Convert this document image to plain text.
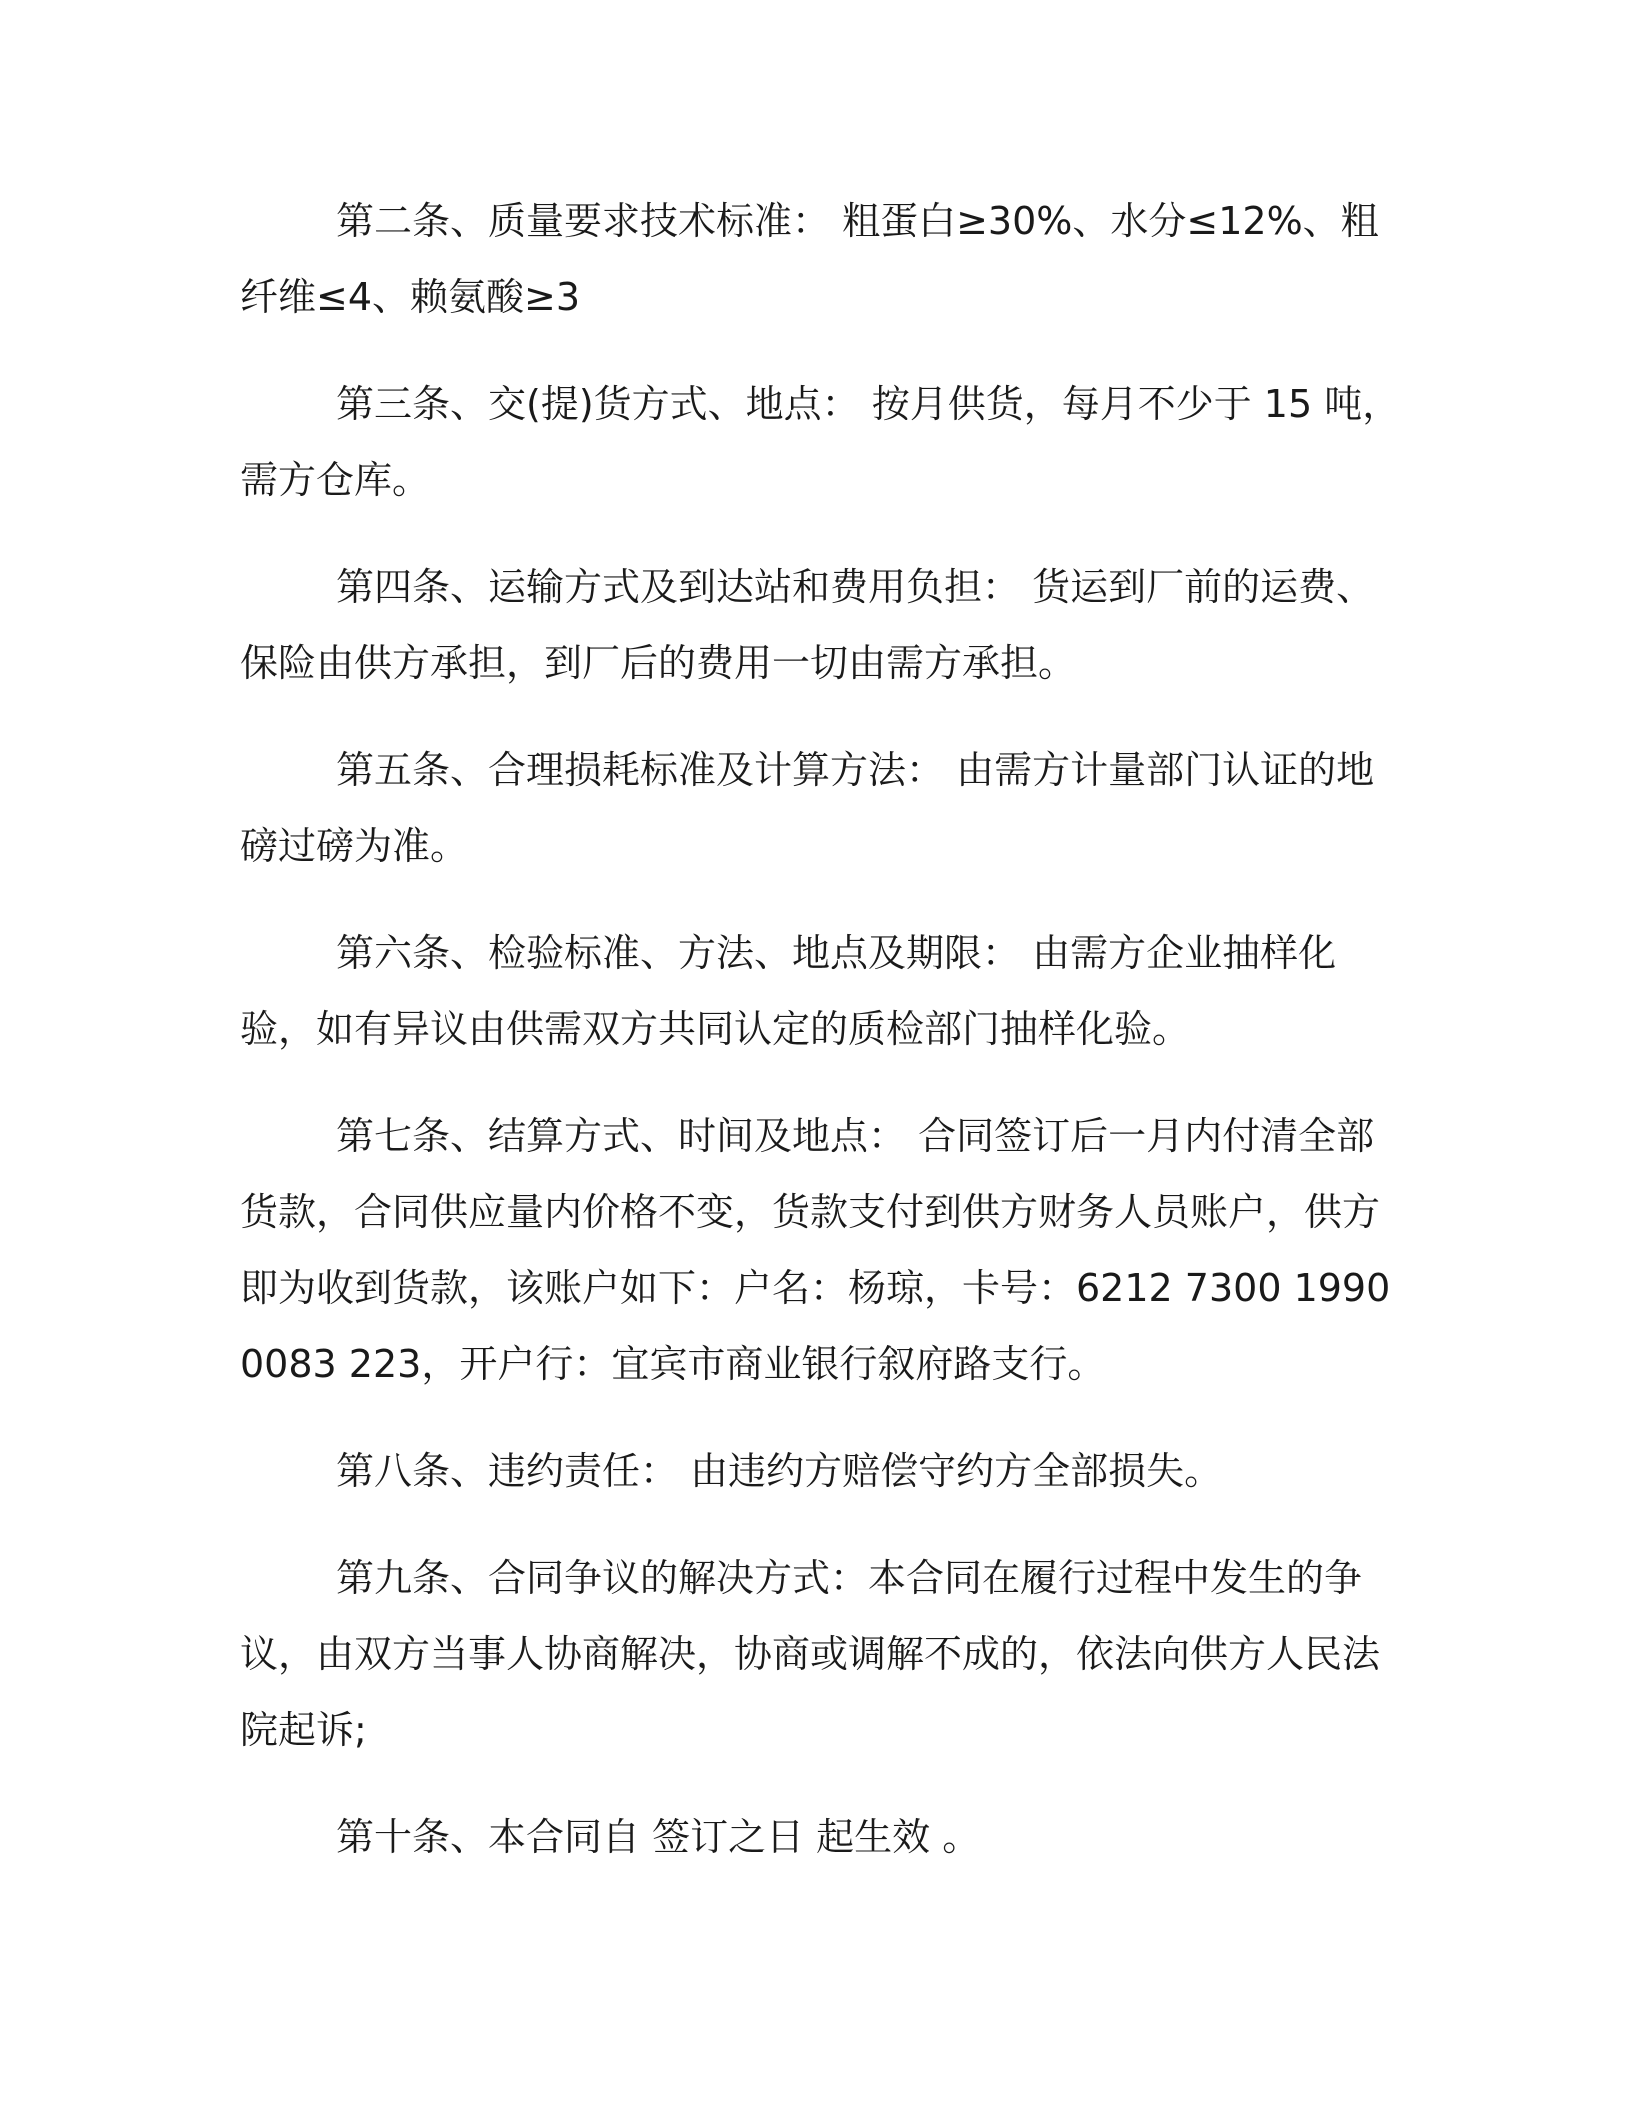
第二条、质量要求技术标准： 粗蛋白≥30%、水分≤12%、粗纤维≤4、赖氨酸≥3

第三条、交(提)货方式、地点： 按月供货，每月不少于 15 吨，需方仓库。

第四条、运输方式及到达站和费用负担： 货运到厂前的运费、保险由供方承担，到厂后的费用一切由需方承担。

第五条、合理损耗标准及计算方法： 由需方计量部门认证的地磅过磅为准。

第六条、检验标准、方法、地点及期限： 由需方企业抽样化验，如有异议由供需双方共同认定的质检部门抽样化验。

第七条、结算方式、时间及地点： 合同签订后一月内付清全部货款，合同供应量内价格不变，货款支付到供方财务人员账户，供方即为收到货款，该账户如下：户名：杨琼，卡号：6212 7300 1990 0083 223，开户行：宜宾市商业银行叙府路支行。

第八条、违约责任： 由违约方赔偿守约方全部损失。

第九条、合同争议的解决方式：本合同在履行过程中发生的争议，由双方当事人协商解决，协商或调解不成的，依法向供方人民法院起诉;

第十条、本合同自 签订之日 起生效 。
